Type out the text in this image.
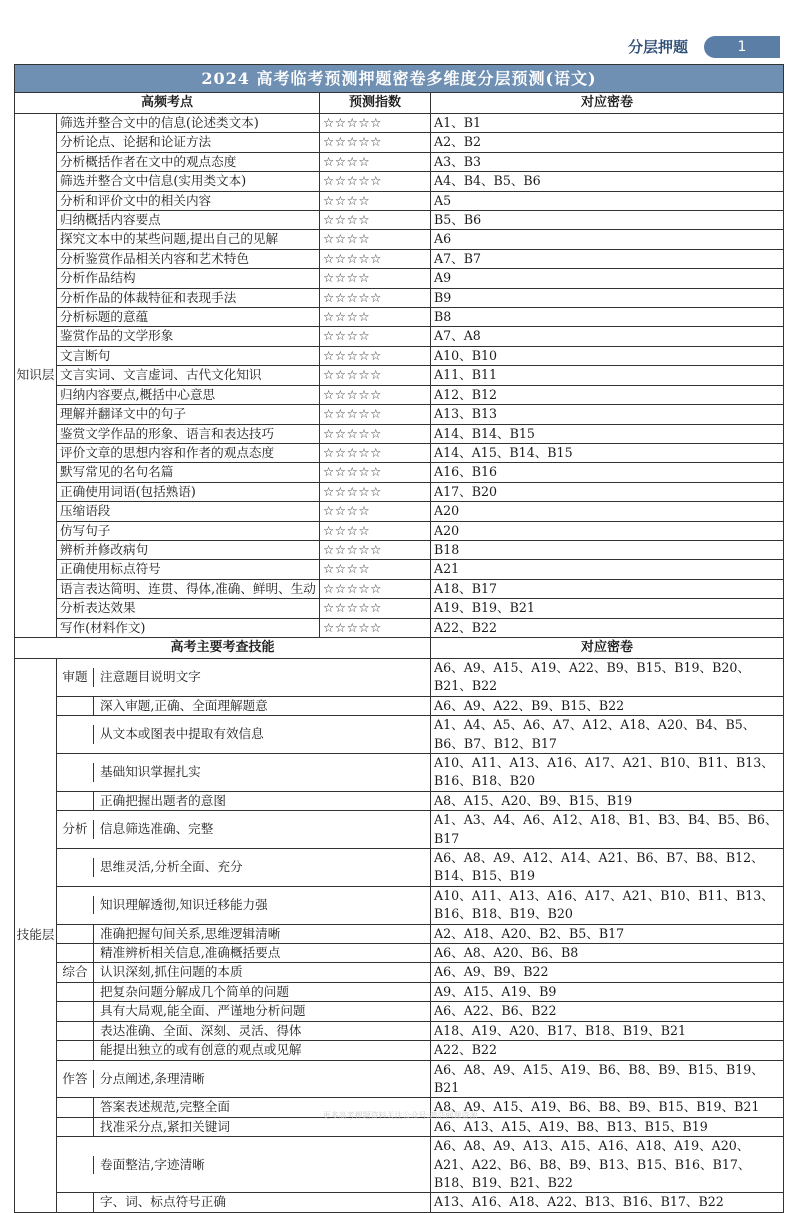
分层押题	1
2024 高考临考预测押题密卷多维度分层预测(语文)			
高频考点		预测指数	对应密卷
知识层	筛选并整合文中的信息(论述类文本)	☆☆☆☆☆	A1、B1
	分析论点、论据和论证方法	☆☆☆☆☆	A2、B2
	分析概括作者在文中的观点态度	☆☆☆☆	A3、B3
	筛选并整合文中信息(实用类文本)	☆☆☆☆☆	A4、B4、B5、B6
	分析和评价文中的相关内容	☆☆☆☆	A5
	归纳概括内容要点	☆☆☆☆	B5、B6
	探究文本中的某些问题,提出自己的见解	☆☆☆☆	A6
	分析鉴赏作品相关内容和艺术特色	☆☆☆☆☆	A7、B7
	分析作品结构	☆☆☆☆	A9
	分析作品的体裁特征和表现手法	☆☆☆☆☆	B9
	分析标题的意蕴	☆☆☆☆	B8
	鉴赏作品的文学形象	☆☆☆☆	A7、A8
	文言断句	☆☆☆☆☆	A10、B10
	文言实词、文言虚词、古代文化知识	☆☆☆☆☆	A11、B11
	归纳内容要点,概括中心意思	☆☆☆☆☆	A12、B12
	理解并翻译文中的句子	☆☆☆☆☆	A13、B13
	鉴赏文学作品的形象、语言和表达技巧	☆☆☆☆☆	A14、B14、B15
	评价文章的思想内容和作者的观点态度	☆☆☆☆☆	A14、A15、B14、B15
	默写常见的名句名篇	☆☆☆☆☆	A16、B16
	正确使用词语(包括熟语)	☆☆☆☆☆	A17、B20
	压缩语段	☆☆☆☆	A20
	仿写句子	☆☆☆☆	A20
	辨析并修改病句	☆☆☆☆☆	B18
	正确使用标点符号	☆☆☆☆	A21
	语言表达简明、连贯、得体,准确、鲜明、生动	☆☆☆☆☆	A18、B17
	分析表达效果	☆☆☆☆☆	A19、B19、B21
	写作(材料作文)	☆☆☆☆☆	A22、B22
高考主要考查技能			对应密卷
技能层	审题 注意题目说明文字		A6、A9、A15、A19、A22、B9、B15、B19、B20、B21、B22

	深入审题,正确、全面理解题意		A6、A9、A22、B9、B15、B22

	从文本或图表中提取有效信息		A1、A4、A5、A6、A7、A12、A18、A20、B4、B5、B6、B7、B12、B17

	基础知识掌握扎实		A10、A11、A13、A16、A17、A21、B10、B11、B13、B16、B18、B20

	正确把握出题者的意图		A8、A15、A20、B9、B15、B19

	分析 信息筛选准确、完整		A1、A3、A4、A6、A12、A18、B1、B3、B4、B5、B6、B17

	思维灵活,分析全面、充分		A6、A8、A9、A12、A14、A21、B6、B7、B8、B12、B14、B15、B19

	知识理解透彻,知识迁移能力强		A10、A11、A13、A16、A17、A21、B10、B11、B13、B16、B18、B19、B20

	准确把握句间关系,思维逻辑清晰		A2、A18、A20、B2、B5、B17

	精准辨析相关信息,准确概括要点		A6、A8、A20、B6、B8

	综合 认识深刻,抓住问题的本质		A6、A9、B9、B22

	把复杂问题分解成几个简单的问题		A9、A15、A19、B9

	具有大局观,能全面、严谨地分析问题		A6、A22、B6、B22

	表达准确、全面、深刻、灵活、得体		A18、A19、A20、B17、B18、B19、B21

	能提出独立的或有创意的观点或见解		A22、B22

	作答 分点阐述,条理清晰		A6、A8、A9、A15、A19、B6、B8、B9、B15、B19、B21

	答案表述规范,完整全面		A8、A9、A15、A19、B6、B8、B9、B15、B19、B21

	找准采分点,紧扣关键词		A6、A13、A15、A19、B8、B13、B15、B19

	卷面整洁,字迹清晰		A6、A8、A9、A13、A15、A16、A18、A19、A20、A21、A22、B6、B8、B9、B13、B15、B16、B17、B18、B19、B21、B22

	字、词、标点符号正确		A13、A16、A18、A22、B13、B16、B17、B22
更多高考押题资料关注公众号:鸿浩网课资源
